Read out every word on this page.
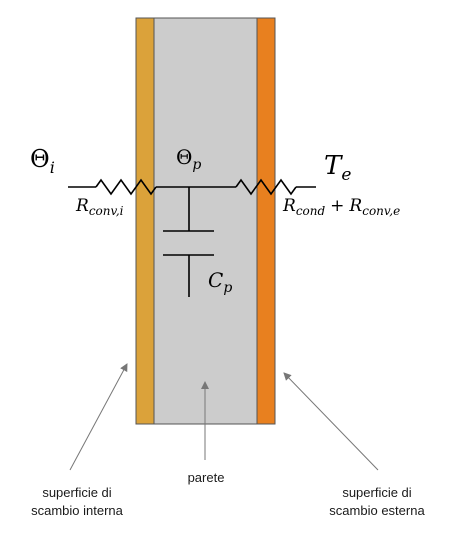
$\Theta_i$	$\Theta_p$	$T_e$
$R_{conv,i}$	$R_{cond} + R_{conv,e}$
$C_p$
superficie di
scambio interna
parete
superficie di
scambio esterna
